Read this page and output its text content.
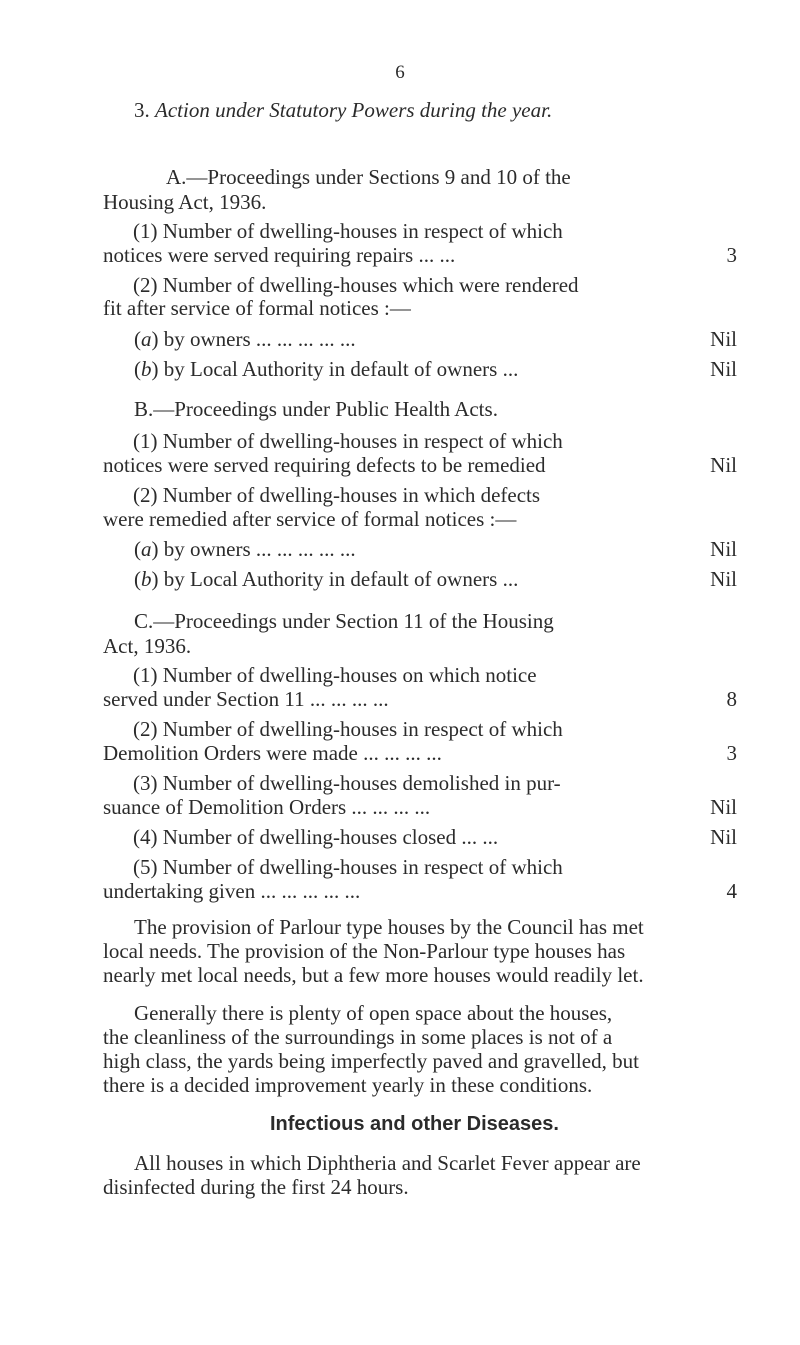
6
3. Action under Statutory Powers during the year.
A.—Proceedings under Sections 9 and 10 of the
Housing Act, 1936.
(1) Number of dwelling-houses in respect of which
notices were served requiring repairs ... ...	3
(2) Number of dwelling-houses which were rendered
fit after service of formal notices :—
(a) by owners ... ... ... ... ...	Nil
(b) by Local Authority in default of owners ...	Nil
B.—Proceedings under Public Health Acts.
(1) Number of dwelling-houses in respect of which
notices were served requiring defects to be remedied	Nil
(2) Number of dwelling-houses in which defects
were remedied after service of formal notices :—
(a) by owners ... ... ... ... ...	Nil
(b) by Local Authority in default of owners ...	Nil
C.—Proceedings under Section 11 of the Housing
Act, 1936.
(1) Number of dwelling-houses on which notice
served under Section 11 ... ... ... ...	8
(2) Number of dwelling-houses in respect of which
Demolition Orders were made ... ... ... ...	3
(3) Number of dwelling-houses demolished in pur-
suance of Demolition Orders ... ... ... ...	Nil
(4) Number of dwelling-houses closed ... ...	Nil
(5) Number of dwelling-houses in respect of which
undertaking given ... ... ... ... ...	4
The provision of Parlour type houses by the Council has met
local needs. The provision of the Non-Parlour type houses has
nearly met local needs, but a few more houses would readily let.
Generally there is plenty of open space about the houses,
the cleanliness of the surroundings in some places is not of a
high class, the yards being imperfectly paved and gravelled, but
there is a decided improvement yearly in these conditions.
Infectious and other Diseases.
All houses in which Diphtheria and Scarlet Fever appear are
disinfected during the first 24 hours.
